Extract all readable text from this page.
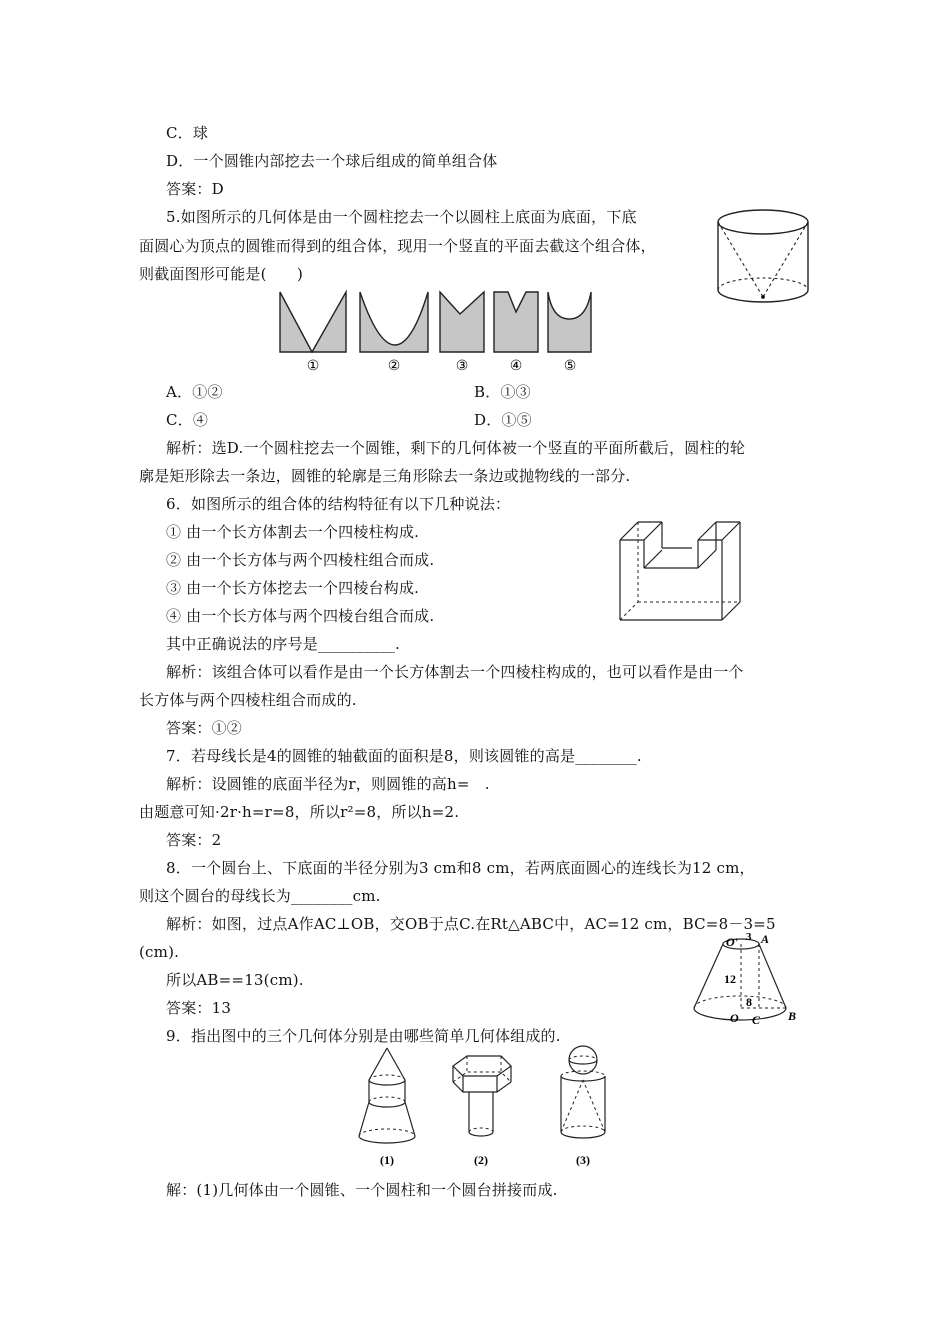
C．球
D．一个圆锥内部挖去一个球后组成的简单组合体
答案：D
5.如图所示的几何体是由一个圆柱挖去一个以圆柱上底面为底面，下底
面圆心为顶点的圆锥而得到的组合体，现用一个竖直的平面去截这个组合体，
则截面图形可能是(　　)
A．①②	B．①③
C．④	D．①⑤
解析：选D.一个圆柱挖去一个圆锥，剩下的几何体被一个竖直的平面所截后，圆柱的轮
廓是矩形除去一条边，圆锥的轮廓是三角形除去一条边或抛物线的一部分.
6．如图所示的组合体的结构特征有以下几种说法：
① 由一个长方体割去一个四棱柱构成.
② 由一个长方体与两个四棱柱组合而成.
③ 由一个长方体挖去一个四棱台构成.
④ 由一个长方体与两个四棱台组合而成.
其中正确说法的序号是__________.
解析：该组合体可以看作是由一个长方体割去一个四棱柱构成的，也可以看作是由一个
长方体与两个四棱柱组合而成的.
答案：①②
7．若母线长是4的圆锥的轴截面的面积是8，则该圆锥的高是________.
解析：设圆锥的底面半径为r，则圆锥的高h=　.
由题意可知·2r·h=r=8，所以r²=8，所以h=2.
答案：2
8．一个圆台上、下底面的半径分别为3 cm和8 cm，若两底面圆心的连线长为12 cm，
则这个圆台的母线长为________cm.
解析：如图，过点A作AC⊥OB，交OB于点C.在Rt△ABC中，AC=12 cm，BC=8－3=5
(cm).
所以AB==13(cm).
答案：13
9．指出图中的三个几何体分别是由哪些简单几何体组成的.
解：(1)几何体由一个圆锥、一个圆柱和一个圆台拼接而成.
①	②	③	④	⑤
O' 3 A
12
8
O C B
(1)	(2)	(3)
